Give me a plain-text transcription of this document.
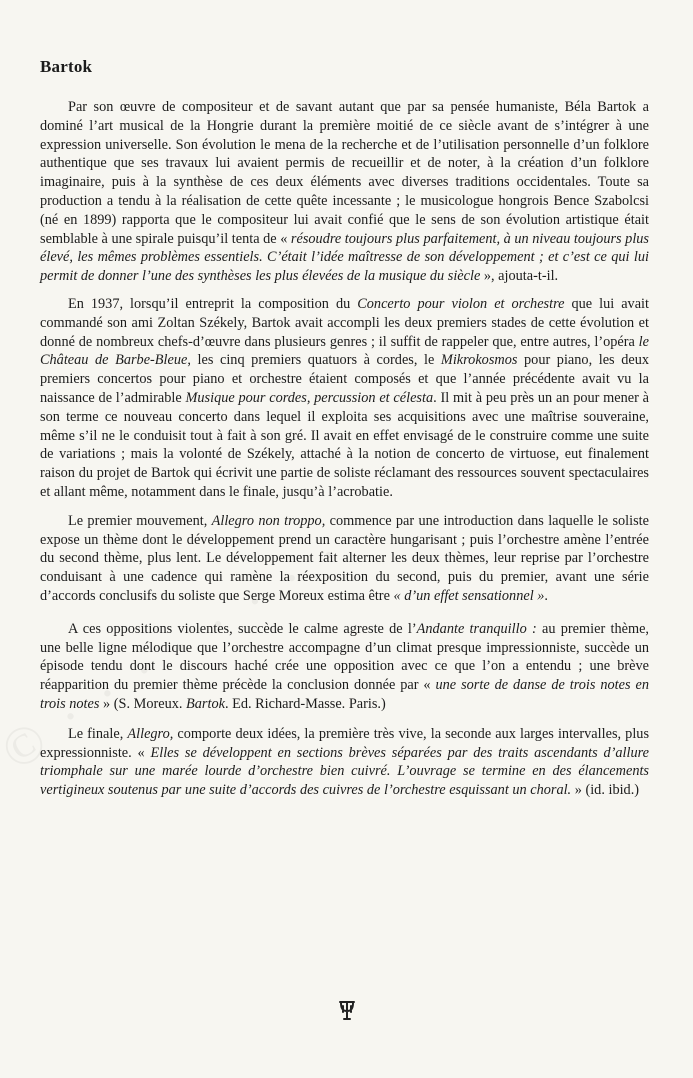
Bartok

Par son œuvre de compositeur et de savant autant que par sa pensée humaniste, Béla Bartok a dominé l’art musical de la Hongrie durant la première moitié de ce siècle avant de s’intégrer à une expression universelle. Son évolution le mena de la recherche et de l’utilisation personnelle d’un folklore authentique que ses travaux lui avaient permis de recueillir et de noter, à la création d’un folklore imaginaire, puis à la synthèse de ces deux éléments avec diverses traditions occidentales. Toute sa production a tendu à la réalisation de cette quête incessante ; le musicologue hongrois Bence Szabolcsi (né en 1899) rapporta que le compositeur lui avait confié que le sens de son évolution artistique était semblable à une spirale puisqu’il tenta de « résoudre toujours plus parfaitement, à un niveau toujours plus élevé, les mêmes problèmes essentiels. C’était l’idée maîtresse de son développement ; et c’est ce qui lui permit de donner l’une des synthèses les plus élevées de la musique du siècle », ajouta-t-il.

En 1937, lorsqu’il entreprit la composition du Concerto pour violon et orchestre que lui avait commandé son ami Zoltan Székely, Bartok avait accompli les deux premiers stades de cette évolution et donné de nombreux chefs-d’œuvre dans plusieurs genres ; il suffit de rappeler que, entre autres, l’opéra le Château de Barbe-Bleue, les cinq premiers quatuors à cordes, le Mikrokosmos pour piano, les deux premiers concertos pour piano et orchestre étaient composés et que l’année précédente avait vu la naissance de l’admirable Musique pour cordes, percussion et célesta. Il mit à peu près un an pour mener à son terme ce nouveau concerto dans lequel il exploita ses acquisitions avec une maîtrise souveraine, même s’il ne le conduisit tout à fait à son gré. Il avait en effet envisagé de le construire comme une suite de variations ; mais la volonté de Székely, attaché à la notion de concerto de virtuose, eut finalement raison du projet de Bartok qui écrivit une partie de soliste réclamant des ressources souvent spectaculaires et allant même, notamment dans le finale, jusqu’à l’acrobatie.

Le premier mouvement, Allegro non troppo, commence par une introduction dans laquelle le soliste expose un thème dont le développement prend un caractère hungarisant ; puis l’orchestre amène l’entrée du second thème, plus lent. Le développement fait alterner les deux thèmes, leur reprise par l’orchestre conduisant à une cadence qui ramène la réexposition du second, puis du premier, avant une série d’accords conclusifs du soliste que Serge Moreux estima être « d’un effet sensationnel ».

A ces oppositions violentes, succède le calme agreste de l’Andante tranquillo : au premier thème, une belle ligne mélodique que l’orchestre accompagne d’un climat presque impressionniste, succède un épisode tendu dont le discours haché crée une opposition avec ce que l’on a entendu ; une brève réapparition du premier thème précède la conclusion donnée par « une sorte de danse de trois notes en trois notes » (S. Moreux. Bartok. Ed. Richard-Masse. Paris.)

Le finale, Allegro, comporte deux idées, la première très vive, la seconde aux larges intervalles, plus expressionniste. « Elles se développent en sections brèves séparées par des traits ascendants d’allure triomphale sur une marée lourde d’orchestre bien cuivré. L’ouvrage se termine en des élancements vertigineux soutenus par une suite d’accords des cuivres de l’orchestre esquissant un choral. » (id. ibid.)
